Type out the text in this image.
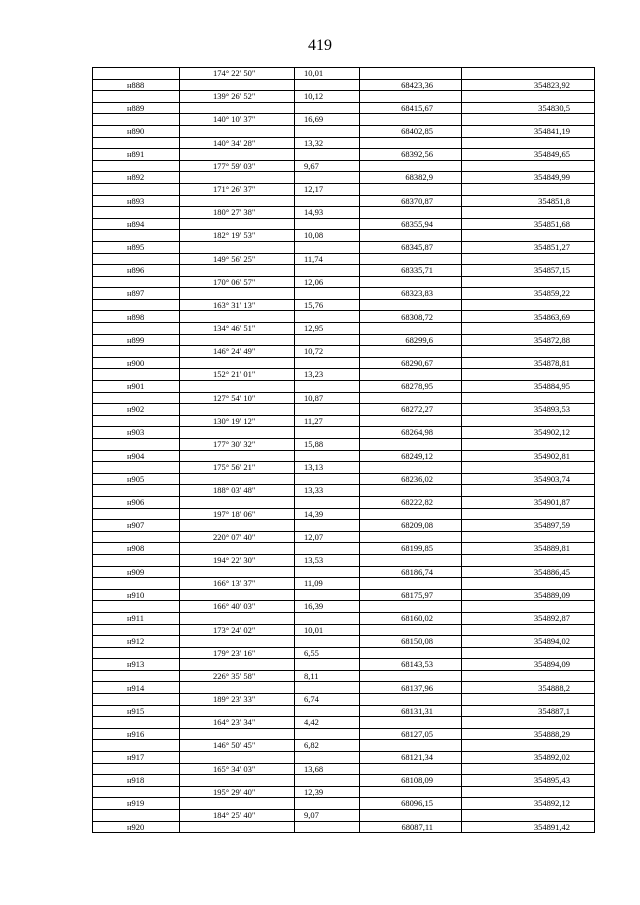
419
	174° 22' 50"	10,01		
н888			68423,36	354823,92
	139° 26' 52"	10,12		
н889			68415,67	354830,5
	140° 10' 37"	16,69		
н890			68402,85	354841,19
	140° 34' 28"	13,32		
н891			68392,56	354849,65
	177° 59' 03"	9,67		
н892			68382,9	354849,99
	171° 26' 37"	12,17		
н893			68370,87	354851,8
	180° 27' 38"	14,93		
н894			68355,94	354851,68
	182° 19' 53"	10,08		
н895			68345,87	354851,27
	149° 56' 25"	11,74		
н896			68335,71	354857,15
	170° 06' 57"	12,06		
н897			68323,83	354859,22
	163° 31' 13"	15,76		
н898			68308,72	354863,69
	134° 46' 51"	12,95		
н899			68299,6	354872,88
	146° 24' 49"	10,72		
н900			68290,67	354878,81
	152° 21' 01"	13,23		
н901			68278,95	354884,95
	127° 54' 10"	10,87		
н902			68272,27	354893,53
	130° 19' 12"	11,27		
н903			68264,98	354902,12
	177° 30' 32"	15,88		
н904			68249,12	354902,81
	175° 56' 21"	13,13		
н905			68236,02	354903,74
	188° 03' 48"	13,33		
н906			68222,82	354901,87
	197° 18' 06"	14,39		
н907			68209,08	354897,59
	220° 07' 40"	12,07		
н908			68199,85	354889,81
	194° 22' 30"	13,53		
н909			68186,74	354886,45
	166° 13' 37"	11,09		
н910			68175,97	354889,09
	166° 40' 03"	16,39		
н911			68160,02	354892,87
	173° 24' 02"	10,01		
н912			68150,08	354894,02
	179° 23' 16"	6,55		
н913			68143,53	354894,09
	226° 35' 58"	8,11		
н914			68137,96	354888,2
	189° 23' 33"	6,74		
н915			68131,31	354887,1
	164° 23' 34"	4,42		
н916			68127,05	354888,29
	146° 50' 45"	6,82		
н917			68121,34	354892,02
	165° 34' 03"	13,68		
н918			68108,09	354895,43
	195° 29' 40"	12,39		
н919			68096,15	354892,12
	184° 25' 40"	9,07		
н920			68087,11	354891,42
